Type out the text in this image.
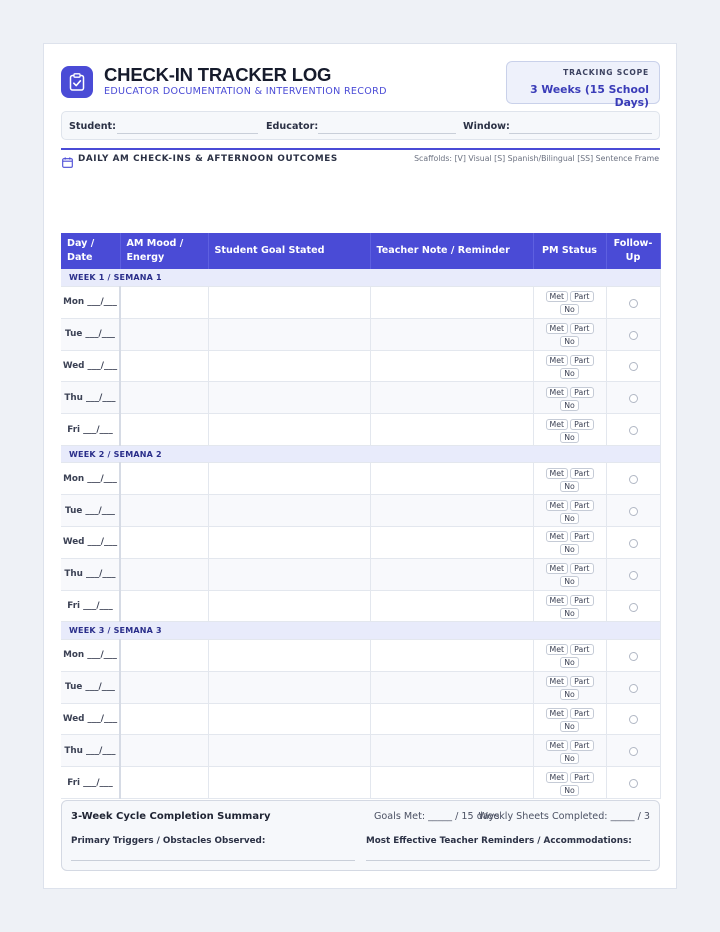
CHECK-IN TRACKER LOG
EDUCATOR DOCUMENTATION & INTERVENTION RECORD
TRACKING SCOPE
3 Weeks (15 School Days)
Student:	Educator:	Window:
DAILY AM CHECK-INS & AFTERNOON OUTCOMES	Scaffolds: [V] Visual [S] Spanish/Bilingual [SS] Sentence Frame
Day / Date	AM Mood / Energy	Student Goal Stated	Teacher Note / Reminder	PM Status	Follow-Up
WEEK 1 / SEMANA 1					
Mon ___/___				Met Part
No	
Tue ___/___				Met Part
No	
Wed ___/___				Met Part
No	
Thu ___/___				Met Part
No	
Fri ___/___				Met Part
No	
WEEK 2 / SEMANA 2					
Mon ___/___				Met Part
No	
Tue ___/___				Met Part
No	
Wed ___/___				Met Part
No	
Thu ___/___				Met Part
No	
Fri ___/___				Met Part
No	
WEEK 3 / SEMANA 3					
Mon ___/___				Met Part
No	
Tue ___/___				Met Part
No	
Wed ___/___				Met Part
No	
Thu ___/___				Met Part
No	
Fri ___/___				Met Part
No	
3-Week Cycle Completion Summary	Goals Met: _____ / 15 days
Weekly Sheets Completed: _____ / 3
Primary Triggers / Obstacles Observed:	Most Effective Teacher Reminders / Accommodations:
